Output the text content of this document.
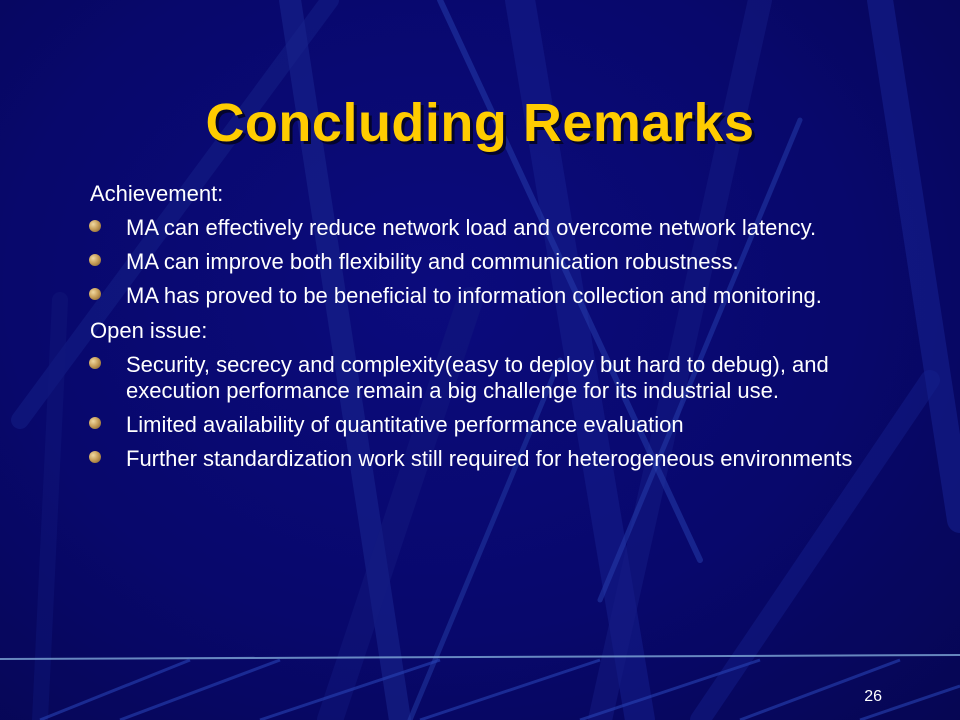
Concluding Remarks
Achievement:
MA can effectively reduce network load and overcome network latency.
MA can improve both flexibility and communication robustness.
MA has proved to be beneficial to information collection and monitoring.
Open issue:
Security, secrecy and complexity(easy to deploy but hard to debug), and execution performance remain a big challenge for its industrial use.
Limited availability of quantitative performance evaluation
Further standardization work still required for heterogeneous environments
26
